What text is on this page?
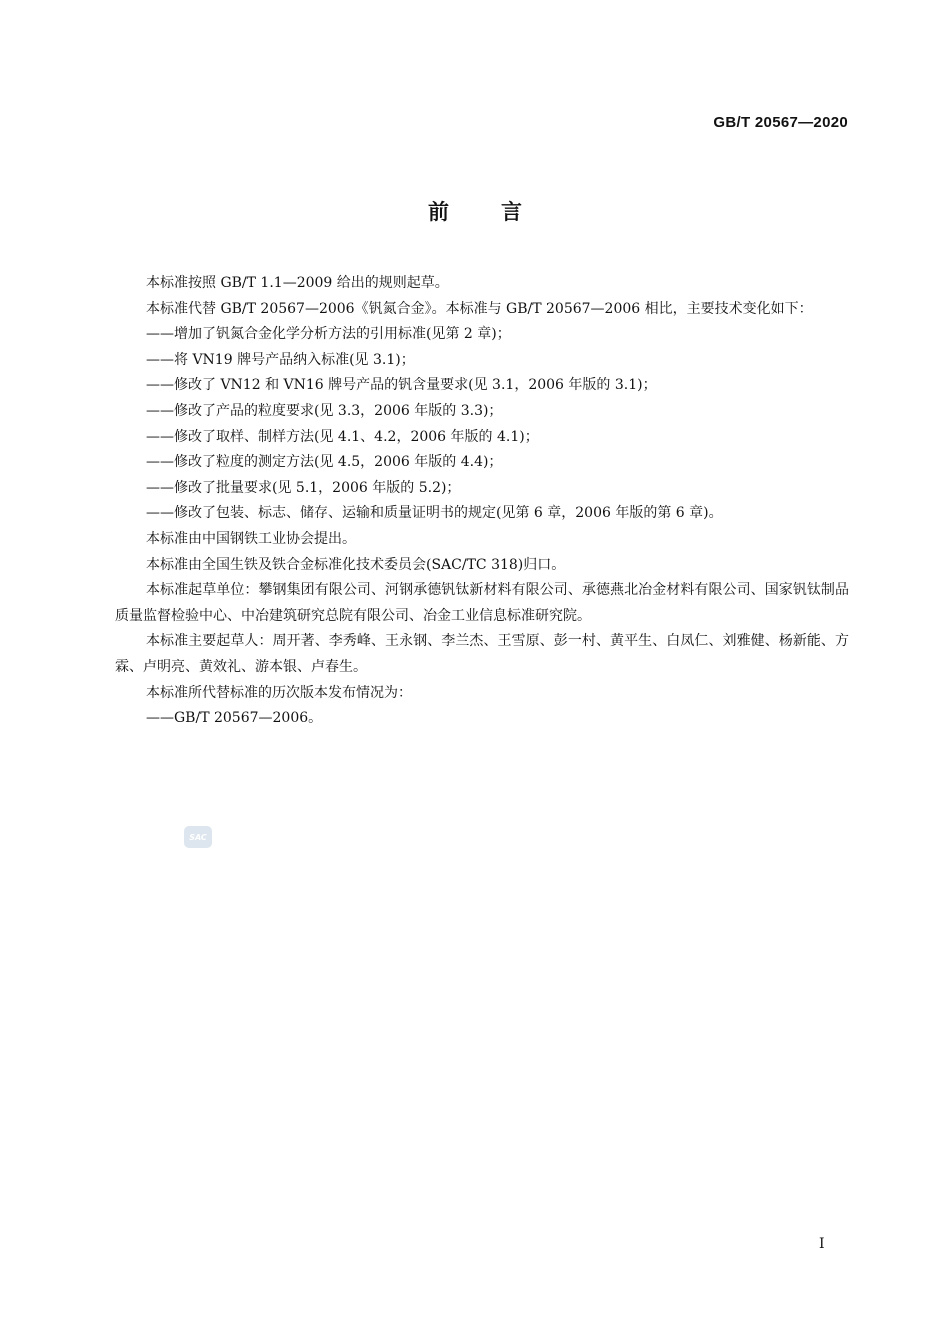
GB/T 20567—2020
前言

本标准按照 GB/T 1.1—2009 给出的规则起草。

本标准代替 GB/T 20567—2006《钒氮合金》。本标准与 GB/T 20567—2006 相比，主要技术变化如下：

——增加了钒氮合金化学分析方法的引用标准(见第 2 章)；

——将 VN19 牌号产品纳入标准(见 3.1)；

——修改了 VN12 和 VN16 牌号产品的钒含量要求(见 3.1，2006 年版的 3.1)；

——修改了产品的粒度要求(见 3.3，2006 年版的 3.3)；

——修改了取样、制样方法(见 4.1、4.2，2006 年版的 4.1)；

——修改了粒度的测定方法(见 4.5，2006 年版的 4.4)；

——修改了批量要求(见 5.1，2006 年版的 5.2)；

——修改了包装、标志、储存、运输和质量证明书的规定(见第 6 章，2006 年版的第 6 章)。

本标准由中国钢铁工业协会提出。

本标准由全国生铁及铁合金标准化技术委员会(SAC/TC 318)归口。

本标准起草单位：攀钢集团有限公司、河钢承德钒钛新材料有限公司、承德燕北冶金材料有限公司、国家钒钛制品质量监督检验中心、中冶建筑研究总院有限公司、冶金工业信息标准研究院。

本标准主要起草人：周开著、李秀峰、王永钢、李兰杰、王雪原、彭一村、黄平生、白凤仁、刘雅健、杨新能、方霖、卢明亮、黄效礼、游本银、卢春生。

本标准所代替标准的历次版本发布情况为：

——GB/T 20567—2006。

SAC
I
